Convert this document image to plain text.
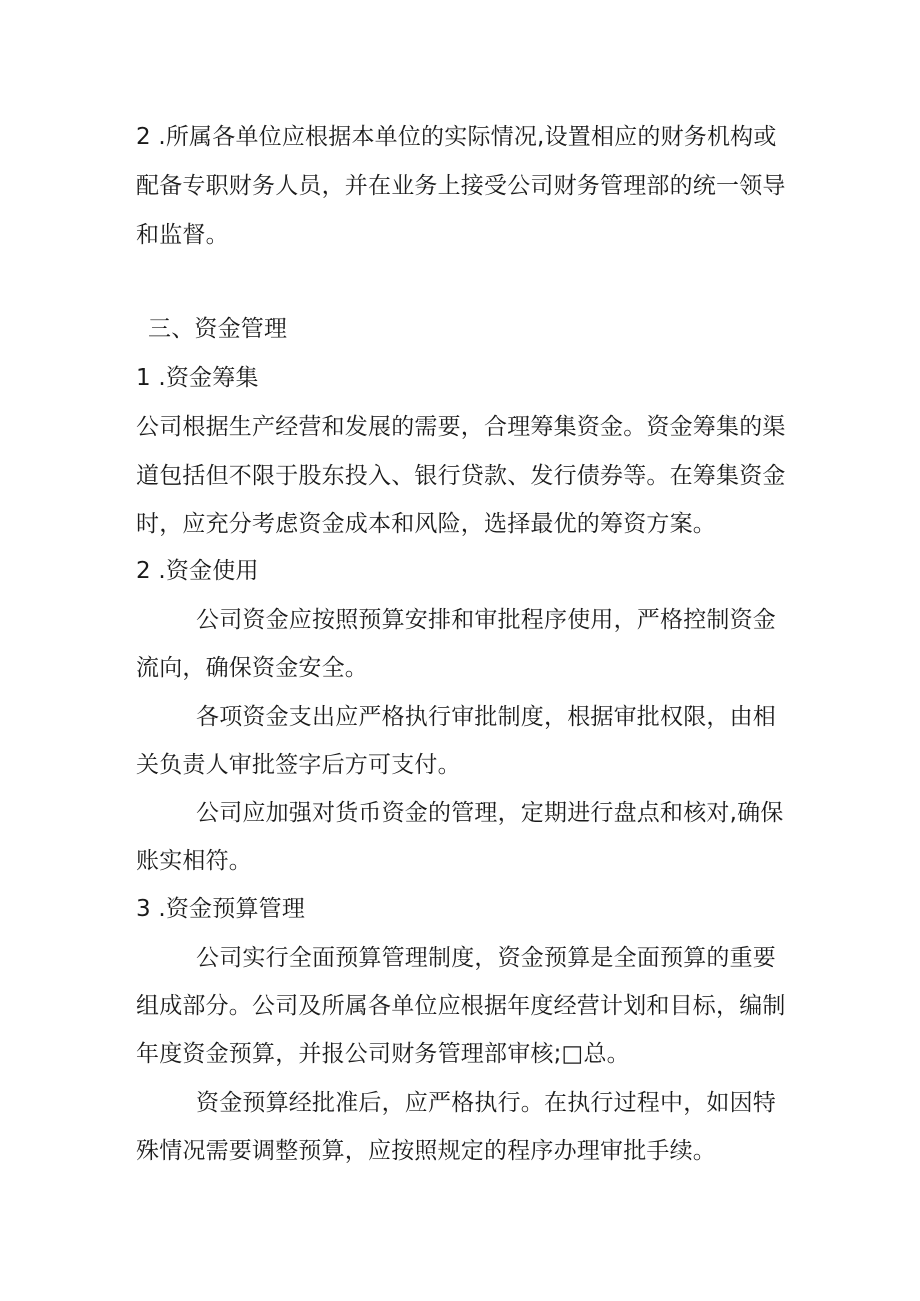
2 .所属各单位应根据本单位的实际情况,设置相应的财务机构或
配备专职财务人员，并在业务上接受公司财务管理部的统一领导
和监督。
三、资金管理
1 .资金筹集
公司根据生产经营和发展的需要，合理筹集资金。资金筹集的渠
道包括但不限于股东投入、银行贷款、发行债券等。在筹集资金
时，应充分考虑资金成本和风险，选择最优的筹资方案。
2 .资金使用
公司资金应按照预算安排和审批程序使用，严格控制资金
流向，确保资金安全。
各项资金支出应严格执行审批制度，根据审批权限，由相
关负责人审批签字后方可支付。
公司应加强对货币资金的管理，定期进行盘点和核对,确保
账实相符。
3 .资金预算管理
公司实行全面预算管理制度，资金预算是全面预算的重要
组成部分。公司及所属各单位应根据年度经营计划和目标，编制
年度资金预算，并报公司财务管理部审核;□总。
资金预算经批准后，应严格执行。在执行过程中，如因特
殊情况需要调整预算，应按照规定的程序办理审批手续。
